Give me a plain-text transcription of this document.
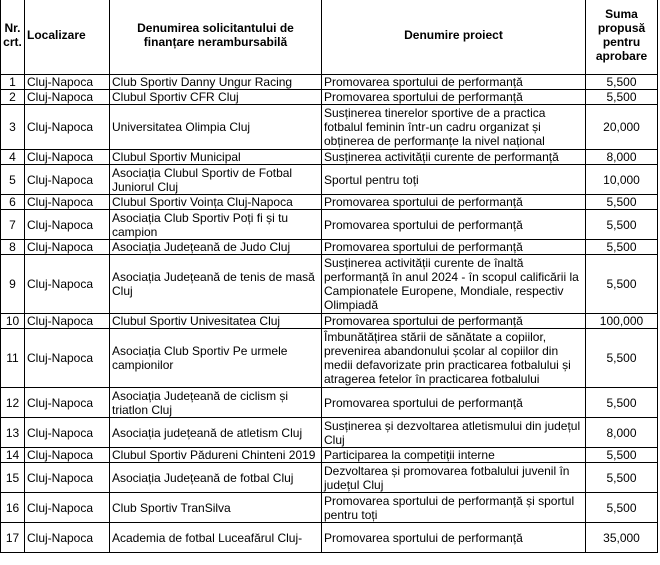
Nr. crt.	Localizare	Denumirea solicitantului de finanțare nerambursabilă	Denumire proiect	Suma propusă pentru aprobare
1	Cluj-Napoca	Club Sportiv Danny Ungur Racing	Promovarea sportului de performanță	5,500
2	Cluj-Napoca	Clubul Sportiv CFR Cluj	Promovarea sportului de performanță	5,500
3	Cluj-Napoca	Universitatea Olimpia Cluj	Susținerea tinerelor sportive de a practica fotbalul feminin într-un cadru organizat și obținerea de performanțe la nivel național	20,000
4	Cluj-Napoca	Clubul Sportiv Municipal	Susținerea activității curente de performanță	8,000
5	Cluj-Napoca	Asociația Clubul Sportiv de Fotbal Juniorul Cluj	Sportul pentru toți	10,000
6	Cluj-Napoca	Clubul Sportiv Voința Cluj-Napoca	Promovarea sportului de performanță	5,500
7	Cluj-Napoca	Asociația Club Sportiv Poți fi și tu campion	Promovarea sportului de performanță	5,500
8	Cluj-Napoca	Asociația Județeană de Judo Cluj	Promovarea sportului de performanță	5,500
9	Cluj-Napoca	Asociația Județeană de tenis de masă Cluj	Susținerea activității curente de înaltă performanță în anul 2024 - în scopul calificării la Campionatele Europene, Mondiale, respectiv Olimpiadă	5,500
10	Cluj-Napoca	Clubul Sportiv Univesitatea Cluj	Promovarea sportului de performanță	100,000
11	Cluj-Napoca	Asociația Club Sportiv Pe urmele campionilor	Îmbunătățirea stării de sănătate a copiilor, prevenirea abandonului școlar al copiilor din medii defavorizate prin practicarea fotbalului și atragerea fetelor în practicarea fotbalului	5,500
12	Cluj-Napoca	Asociația Județeană de ciclism și triatlon Cluj	Promovarea sportului de performanță	5,500
13	Cluj-Napoca	Asociația județeană de atletism Cluj	Susținerea și dezvoltarea atletismului din județul Cluj	8,000
14	Cluj-Napoca	Clubul Sportiv Pădureni Chinteni 2019	Participarea la competiții interne	5,500
15	Cluj-Napoca	Asociația Județeană de fotbal Cluj	Dezvoltarea și promovarea fotbalului juvenil în județul Cluj	5,500
16	Cluj-Napoca	Club Sportiv TranSilva	Promovarea sportului de performanță și sportul pentru toți	5,500
17	Cluj-Napoca	Academia de fotbal Luceafărul Cluj-	Promovarea sportului de performanță	35,000
